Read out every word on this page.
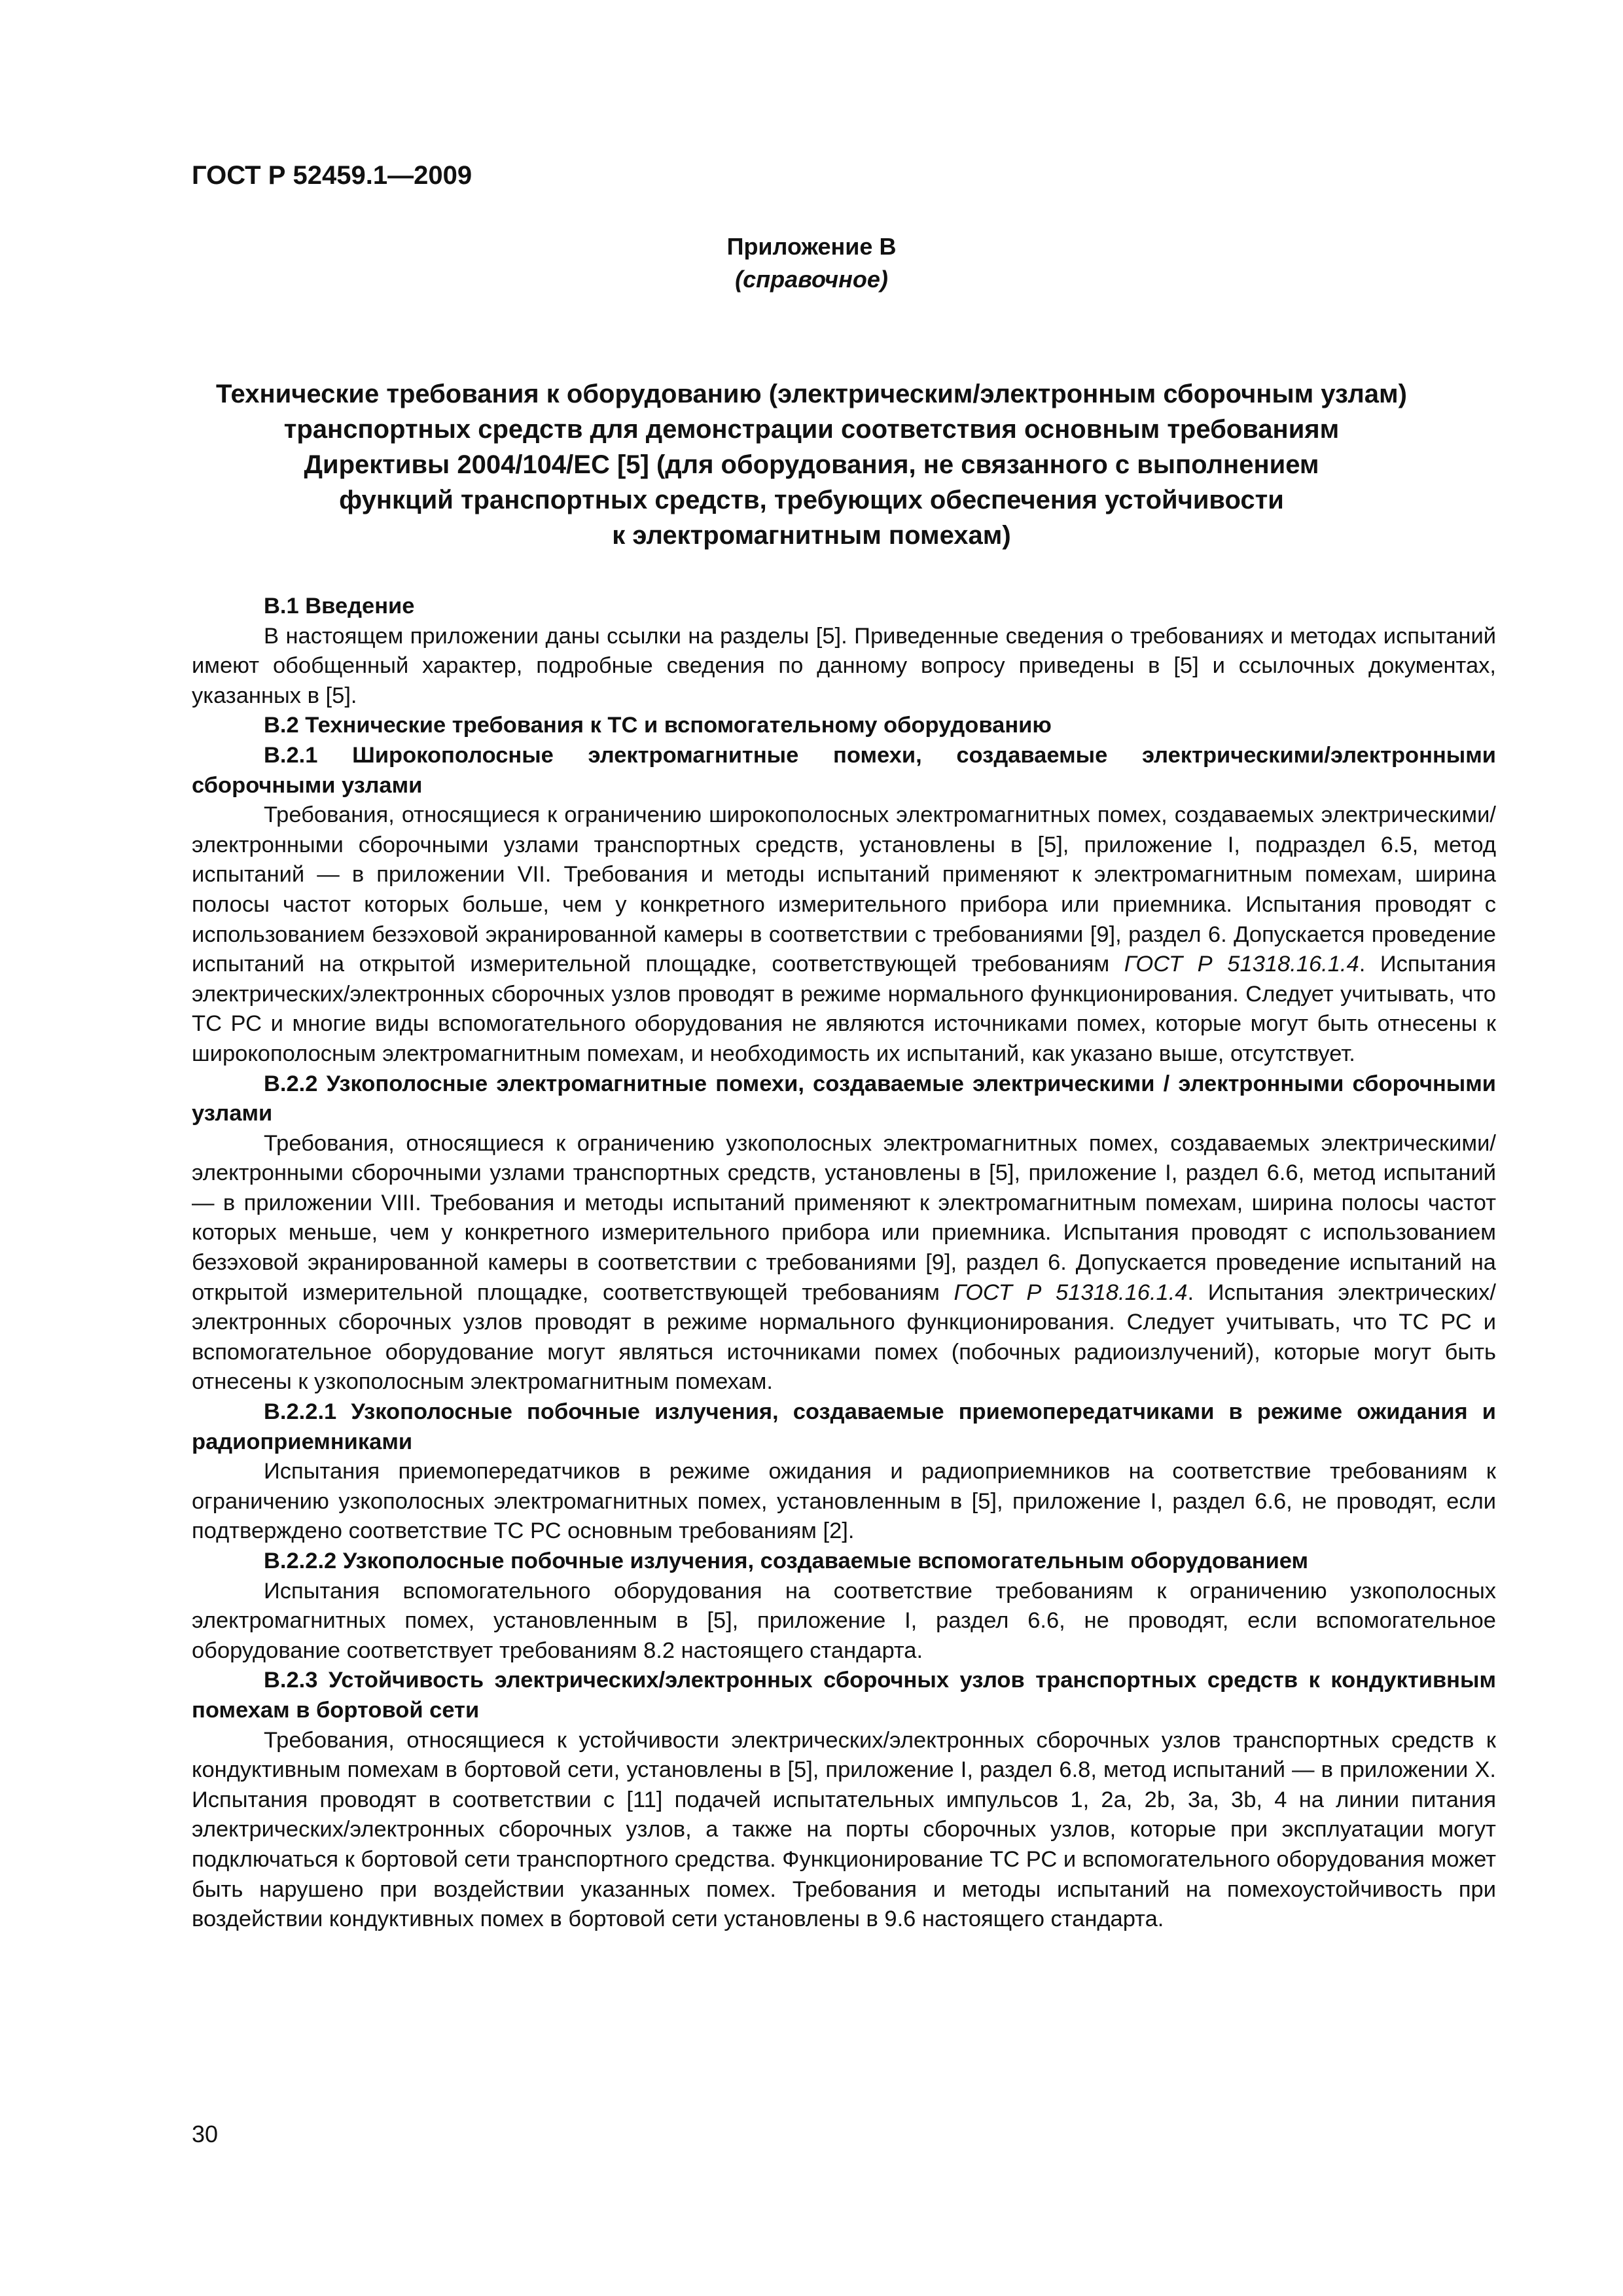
ГОСТ Р 52459.1—2009

Приложение В
(справочное)
Технические требования к оборудованию (электрическим/электронным сборочным узлам)
транспортных средств для демонстрации соответствия основным требованиям
Директивы 2004/104/ЕС [5] (для оборудования, не связанного с выполнением
функций транспортных средств, требующих обеспечения устойчивости
к электромагнитным помехам)

В.1 Введение

В настоящем приложении даны ссылки на разделы [5]. Приведенные сведения о требованиях и методах испытаний имеют обобщенный характер, подробные сведения по данному вопросу приведены в [5] и ссылочных документах, указанных в [5].

В.2 Технические требования к ТС и вспомогательному оборудованию

В.2.1 Широкополосные электромагнитные помехи, создаваемые электрическими/электронными сборочными узлами

Требования, относящиеся к ограничению широкополосных электромагнитных помех, создаваемых электрическими/электронными сборочными узлами транспортных средств, установлены в [5], приложение I, подраздел 6.5, метод испытаний — в приложении VII. Требования и методы испытаний применяют к электромагнитным помехам, ширина полосы частот которых больше, чем у конкретного измерительного прибора или приемника. Испытания проводят с использованием безэховой экранированной камеры в соответствии с требованиями [9], раздел 6. Допускается проведение испытаний на открытой измерительной площадке, соответствующей требованиям ГОСТ Р 51318.16.1.4. Испытания электрических/электронных сборочных узлов проводят в режиме нормального функционирования. Следует учитывать, что ТС РС и многие виды вспомогательного оборудования не являются источниками помех, которые могут быть отнесены к широкополосным электромагнитным помехам, и необходимость их испытаний, как указано выше, отсутствует.

В.2.2 Узкополосные электромагнитные помехи, создаваемые электрическими / электронными сборочными узлами

Требования, относящиеся к ограничению узкополосных электромагнитных помех, создаваемых электрическими/электронными сборочными узлами транспортных средств, установлены в [5], приложение I, раздел 6.6, метод испытаний — в приложении VIII. Требования и методы испытаний применяют к электромагнитным помехам, ширина полосы частот которых меньше, чем у конкретного измерительного прибора или приемника. Испытания проводят с использованием безэховой экранированной камеры в соответствии с требованиями [9], раздел 6. Допускается проведение испытаний на открытой измерительной площадке, соответствующей требованиям ГОСТ Р 51318.16.1.4. Испытания электрических/электронных сборочных узлов проводят в режиме нормального функционирования. Следует учитывать, что ТС РС и вспомогательное оборудование могут являться источниками помех (побочных радиоизлучений), которые могут быть отнесены к узкополосным электромагнитным помехам.

В.2.2.1 Узкополосные побочные излучения, создаваемые приемопередатчиками в режиме ожидания и радиоприемниками

Испытания приемопередатчиков в режиме ожидания и радиоприемников на соответствие требованиям к ограничению узкополосных электромагнитных помех, установленным в [5], приложение I, раздел 6.6, не проводят, если подтверждено соответствие ТС РС основным требованиям [2].

В.2.2.2 Узкополосные побочные излучения, создаваемые вспомогательным оборудованием

Испытания вспомогательного оборудования на соответствие требованиям к ограничению узкополосных электромагнитных помех, установленным в [5], приложение I, раздел 6.6, не проводят, если вспомогательное оборудование соответствует требованиям 8.2 настоящего стандарта.

В.2.3 Устойчивость электрических/электронных сборочных узлов транспортных средств к кондуктивным помехам в бортовой сети

Требования, относящиеся к устойчивости электрических/электронных сборочных узлов транспортных средств к кондуктивным помехам в бортовой сети, установлены в [5], приложение I, раздел 6.8, метод испытаний — в приложении X. Испытания проводят в соответствии с [11] подачей испытательных импульсов 1, 2a, 2b, 3a, 3b, 4 на линии питания электрических/электронных сборочных узлов, а также на порты сборочных узлов, которые при эксплуатации могут подключаться к бортовой сети транспортного средства. Функционирование ТС РС и вспомогательного оборудования может быть нарушено при воздействии указанных помех. Требования и методы испытаний на помехоустойчивость при воздействии кондуктивных помех в бортовой сети установлены в 9.6 настоящего стандарта.

30
